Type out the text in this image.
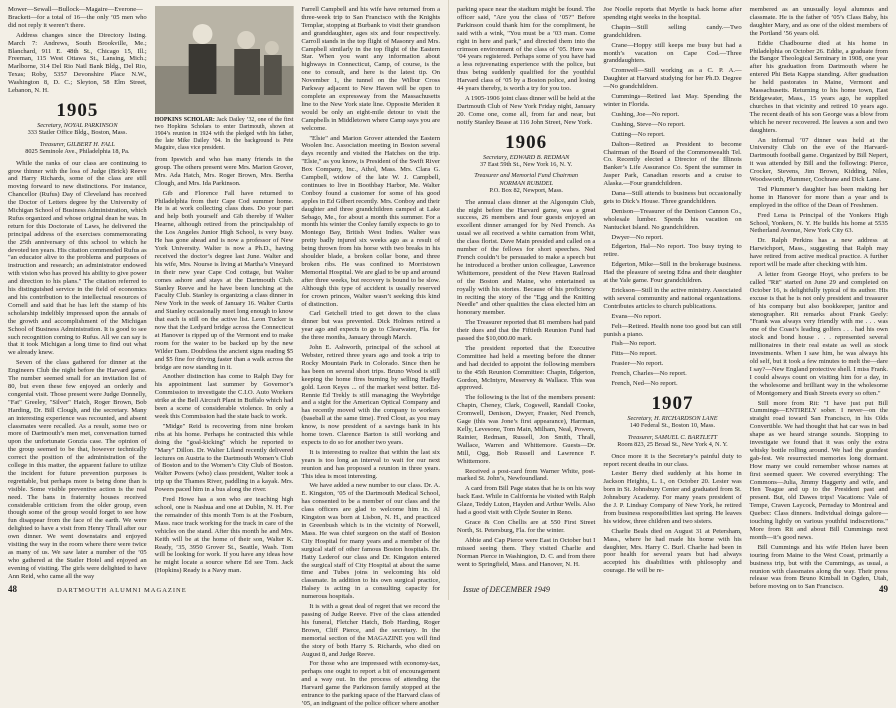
Mower—Sewall—Bullock—Magaire—Everone—Brackett—for a total of 16—the only ’05 men who did not reply it weren’t there.

Address changes since the Directory listing. March 7: Andrews, South Brookville, Me.; Blanchard, 911 E. 48th St., Chicago 15, Ill.; Freeman, 115 West Ottawa St., Lansing, Mich.; Marlborne, 314 Del Rio Natl Bank Bldg., Del Rio, Texas; Roby, 5357 Devonshire Place N.W., Washington 8, D. C.; Sleyton, 58 Elm Street, Lebanon, N. H.

1905
Secretary, NOYAL PARKINSON
333 Statler Office Bldg., Boston, Mass.
Treasurer, GILBERT H. FALL
8025 Seminole Ave., Philadelphia 18, Pa.

While the ranks of our class are continuing to grow thinner with the loss of Judge (Brick) Reeve and Harry Richards, some of the class are still moving forward to new distinctions. For instance, Chancellor (Rufus) Day of Cleveland has received the Doctor of Letters degree by the University of Michigan School of Business Administration, which Rufus organized and whose original dean he was. In return for this Doctorate of Laws, he delivered the principal address of the exercises commemorating the 25th anniversary of this school to which he devoted ten years. His citation commended Rufus as "an educator alive to the problems and purposes of instruction and research; an administrator endowed with vision who has proved his ability to give power and direction to his plans." The citation referred to his distinguished service in the field of economics and his contribution to the intellectual resources of Cornell and said that he has left the stamp of his scholarship indelibly impressed upon the annals of the growth and accomplishment of the Michigan School of Business Administration. It is good to see such recognition coming to Rufus. All we can say is that it took Michigan a long time to find out what we already knew.

Seven of the class gathered for dinner at the Engineers Club the night before the Harvard game. The number seemed small for an invitation list of 80, but even these few enjoyed an orderly and congenial visit. Those present were Judge Donnelly, "Fat" Greeley, "Silver" Hatch, Roger Brown, Bob Harding, Dr. Bill Clough, and the secretary. Many an interesting experience was recounted, and absent classmates were recalled. As a result, some two or more of Dartmouth’s men met, conversation turned upon the unfortunate Gonzia case. The opinion of the group seemed to be that, however technically correct the position of the administration of the college in this matter, the apparent failure to utilize the incident for future prevention purposes is regrettable, but perhaps more is being done than is visible. Some visible preventive action is the real need. The bans in fraternity houses received considerable criticism from the older group, even though some of the group would forget to see how fun disappear from the face of the earth. We were delighted to have a visit from Henry Thrall after our own dinner. We went downstairs and enjoyed visiting the way in the room where there were twice as many of us. We saw later a number of the ’05 who gathered at the Statler Hotel and enjoyed an evening of visiting. The girls were delighted to have Ann Reid, who came all the way

HOPKINS SCHOLAR: Jack Dailey ’32, one of the first two Hopkins Scholars to enter Dartmouth, shown at 1904’s reunion in 1924 with the pledged with his father, the late Mike Dailey ’04. In the background is Pete Maguire, class vice president.

from Ipswich and who has many friends in the group. The others present were Mrs. Marion Grover, Mrs. Ada Hatch, Mrs. Roger Brown, Mrs. Bertha Clough, and Mrs. Ida Parkinson.

Gib and Florence Fall have returned to Philadelphia from their Cape Cod summer home. He is at work collecting class dues. Do your part and help both yourself and Gib thereby if Walter Hearne, although retired from the principalship of the Los Angeles Junior High School, is very busy. He has gone ahead and is now a professor of New York University. Walter is now a Ph.D., having received the doctor’s degree last June. Walter and his wife, Mrs. Nourse is living at Martha’s Vineyard in their new year Cape Cod cottage, but Walter comes ashore and stays at the Dartmouth Club. Stanley Reeve and he have been lunching at the Faculty Club. Stanley is organizing a class dinner in New York in the week of January 16. Walter Curtis and Stanley occasionally meet long enough to know that each is still on the active list. Leon Tucker is now that the Ledyard bridge across the Connecticut at Hanover is ripped up of the Vermont end to make room for the water to be backed up by the new Wilder Dam. Doubtless the ancient signs reading $5 and $5 fine for driving faster than a walk across the bridge are now standing in it.

Another distinction has come to Ralph Day for his appointment last summer by Governor’s Commission to investigate the C.I.O. Auto Workers strike at the Bell Aircraft Plant in Buffalo which had been a scene of considerable violence. In only a week this Commission had the state back to work.

"Midge" Reid is recovering from nine broken ribs at his home. Perhaps he contracted this while doing the "goal-kicking" which he reported to "Mary" Dillon. Dr. Walter Liland recently delivered lectures on Austria to the Dartmouth Women’s Club of Boston and to the Women’s City Club of Boston. Walter Powers (who) class president, Walter took a trip up the Thames River, paddling in a kayak. Mrs. Powers paced him in a bus along the river.

Fred Howe has a son who are teaching high school, one is Nashua and one at Dublin, N. H. For the remainder of this month Tom is at the Fosburn, Mass. race track working for the track in care of the vehicles on the stand. After this month he and Mrs. Keith will be at the home of their son, Walter K. Ready, ’35, 3950 Grover St., Seattle, Wash. Tom will be looking for work. If you have any ideas how he might locate a source where Ed see Tom. Jack (Hopkins) Ready is a Navy man.

Farrell Campbell and his wife have returned from a three-week trip to San Francisco with the Knights Templar, stopping at Burbank to visit their grandson and granddaughter, ages six and four respectively. Carroll stands in the top flight of Masonry and Mrs. Campbell similarly in the top flight of the Eastern Star. When you want any information about highways in Connecticut, Camp, of course, is the one to consult, and here is the latest tip. On November 1, the tunnel on the Wilbur Cross Parkway adjacent to New Haven will be open to complete an expressway from the Massachusetts line to the New York state line. Opposite Meriden it would be only an eight-mile detour to visit the Campbells in Middletown where Camp says you are welcome.

"Elsie" and Marion Grover attended the Eastern Woolen Inc. Association meeting in Boston several days recently and visited the Hatches on the trip. "Elsie," as you know, is President of the Swift River Box Company, Inc., Athol, Mass. Mrs. Clara G. Campbell, widow of the late W. J. Campbell, continues to live in Boothbay Harbor, Me. Walter Conboy found a customer for some of his good apples in Ed Gilbert recently. Mrs. Conboy and their daughter and three grandchildren camped at Lake Sebago, Me., for about a month this summer. For a month his winter the Conley family expects to go to Montego Bay, British West Indies. Walter was pretty badly injured six weeks ago as a result of being thrown from his horse with two breaks in his shoulder blade, a broken collar bone, and three broken ribs. He was confined to Morristown Memorial Hospital. We are glad to be up and around after three weeks, but recovery is bound to be slow. Although this type of accident is usually reserved for crown princes, Walter wasn’t seeking this kind of distinction.

Carl Getchell tried to get down to the class dinner but was prevented. Dick Holmes retired a year ago and expects to go to Clearwater, Fla. for the three months, January through March.

John E. Ashworth, principal of the school at Webster, retired three years ago and took a trip to Rocky Mountain Park in Colorado. Since then he has been on several short trips. Bruno Wood is still keeping the home fires burning by selling Hadley gold. Leon Keyes ... of the market west better. Ed-Rennie Ed Trekly is still managing the Weybridge and a sight for the American Optical Company and has recently moved with the company to workers (baseball at the same time). Fred Clout, as you may know, is now president of a savings bank in his home town. Clarence Barton is still working and expects to do so for another two years.

It is interesting to realize that within the last six years is too long an interval to wait for our next reunion and has proposed a reunion in three years. This idea is most interesting.

We have added a new number to our class. Dr. A. E. Kingston, ’05 of the Dartmouth Medical School, has consented to be a member of our class and the class officers are glad to welcome him in. Al Kingston was born at Lisbon, N. H., and practiced in Greenbush which is in the vicinity of Norwell, Mass. He was chief surgeon on the staff of Boston City Hospital for many years and a member of the surgical staff of other famous Boston hospitals. Dr. Hatty Lederof our class and Dr. Kingston entered the surgical staff of City Hospital at about the same time and Tubes joins in welcoming his old classmate. In addition to his own surgical practice, Halsey is acting in a consulting capacity for numerous hospitals.

It is with a great deal of regret that we record the passing of Judge Reeve. Five of the class attended his funeral, Fletcher Hatch, Bob Harding, Roger Brown, Cliff Pierce, and the secretary. In the memorial section of the MAGAZINE you will find the story of both Harry S. Richards, who died on August 8, and Judge Reeve.

For those who are impressed with economy-tax, perhaps one ought to report a bit of encouragement and a way out. In the process of attending the Harvard game the Parkinson family stopped at the entrance to the parking space of the Harvard class of ’05, an indignant of the police officer where another

48	DARTMOUTH ALUMNI MAGAZINE

parking space near the stadium might be found. The officer said, "Are you the class of ’05?" Before Parkinson could thank him for the compliment, he said with a wink, "You must be a ’03 man. Come right in here and park," and directed them into the crimson environment of the class of ’05. Here was ’04 years registered. Perhaps some of you have had a less rejuvenating experience with the police, but thus being suddenly qualified for the youthful Harvard class of ’05 by a Boston police, and losing 44 years thereby, is worth a try for you too.

A 1905-1906 joint class dinner will be held at the Dartmouth Club of New York Friday night, January 20. Come one, come all, from far and near, but notify Stanley Bease at 116 John Street, New York.

1906
Secretary, EDWARD B. REDMAN
37 East 59th St., New York 16, N. Y.
Treasurer and Memorial Fund Chairman
NORMAN RUBIDEL
P.O. Box 82, Newport, Mass.

The annual class dinner at the Algonquin Club, the night before the Harvard game, was a great success, 26 members and four guests enjoyed an excellent dinner arranged for by Ned French. As usual we all received a white carnation from Whit, the class florist. Dave Main presided and called on a number of the fellows for short speeches. Ned French couldn’t be persuaded to make a speech but he introduced a brother union colleague, Lawrence Whittemore, president of the New Haven Railroad of the Boston and Maine, who entertained us royally with his stories. Because of his proficiency in reciting the story of the "Egg and the Knitting Needle" and other qualities the class elected him an honorary member.

The Treasurer reported that 81 members had paid their dues and that the Fiftieth Reunion Fund had passed the $10,000.00 mark.

The president reported that the Executive Committee had held a meeting before the dinner and had decided to appoint the following members to the 45th Reunion Committee: Chapin, Edgerton, Gordon, McIntyre, Meservey & Wallace. This was approved.

The following is the list of the members present: Chapin, Cheney, Clark, Cogswell, Randall Cooke, Cromwell, Denison, Dwyer, Frasier, Ned French, Gage (this was Jone’s first appearance), Harrman, Kelly, Levesone, Tom Main, Milham, Neal, Powers, Rainier, Redman, Russell, Jon Smith, Thrall, Wallace, Warren and Whittemore. Guests—Dr. Mill, Ogg, Bob Russell and Lawrence F. Whittemore.

Received a post-card from Warner White, post-marked St. John’s, Newfoundland.

A card from Bill Page states that he is on his way back East. While in California he visited with Ralph Glaze, Teddy Luton, Hayden and Arthur Wells. Also had a good visit with Clyde Souter in Reno.

Grace & Con Chellis are at 550 First Street North, St. Petersburg, Fla. for the winter.

Abbie and Cap Pierce were East in October but I missed seeing them. They visited Charlie and Norman Pierce in Washington, D. C. and from there went to Springfield, Mass. and Hanover, N. H.

Joe Noelle reports that Myrtle is back home after spending eight weeks in the hospital.

Chapin—Still selling candy.—Two grandchildren.

Crane—Hoppy still keeps me busy but had a month’s vacation on Cape Cod.—Three granddaughters.

Cromwell—Still working as a C. P. A.—Daughter at Harvard studying for her Ph.D. Degree—No grandchildren.

Cummings—Retired last May. Spending the winter in Florida.

Cushing, Joe—No report.

Cushing, Steve—No report.

Cutting—No report.

Dalton—Retired as President to become Chairman of the Board of the Commonwealth Tel. Co. Recently elected a Director of the Illinois Banker’s Life Assurance Co. Spent the summer in Jasper Park, Canadian resorts and a cruise to Alaska.—Four grandchildren.

Dana—Still attends to business but occasionally gets to Dick’s House. Three grandchildren.

Denison—Treasurer of the Denison Cannon Co., wholesale lumber. Spends his vacation on Nantucket Island. No grandchildren.

Dwyer—No report.

Edgerton, Hal—No report. Too busy trying to retire.

Edgerton, Mike—Still in the brokerage business. Had the pleasure of seeing Edna and their daughter at the Yale game. Four grandchildren.

Erickson—Still in the active ministry. Associated with several community and national organizations. Contributes articles to church publications.

Evans—No report.

Felt—Retired. Health none too good but can still punish a piano.

Fish—No report.

Fitts—No report.

Frasier—No report.

French, Charles—No report.

French, Ned—No report.

1907
Secretary, H. RICHARDSON LANE
140 Federal St., Boston 10, Mass.
Treasurer, SAMUEL C. BARTLETT
Room 823, 25 Broad St., New York 4, N. Y.

Once more it is the Secretary’s painful duty to report recent deaths in our class.

Lester Berry died suddenly at his home in Jackson Heights, L. I., on October 20. Lester was born in St. Johnsbury Center and graduated from St. Johnsbury Academy. For many years president of the J. P. Lindsay Company of New York, he retired from business responsibilities last spring. He leaves his widow, three children and two sisters.

Charlie Beals died on August 31 at Petersham, Mass., where he had made his home with his daughter, Mrs. Harry C. Burl. Charlie had been in poor health for several years but had always accepted his disabilities with philosophy and courage. He will be re-

membered as an unusually loyal alumnus and classmate. He is the father of ’05’s Class Baby, his daughter Mary, and as one of the oldest members of the Portland ’56 years old.

Eddie Chadbourne died at his home in Philadelphia on October 26. Eddie, a graduate from the Bangor Theological Seminary in 1908, one year after his graduation from Dartmouth where he entered Phi Beta Kappa standing. After graduation he held pastorates in Maine, Vermont and Massachusetts. Returning to his home town, East Bridgewater, Mass., 15 years ago, he supplied churches in that vicinity and retired 10 years ago. The recent death of his son George was a blow from which he never recovered. He leaves a son and two daughters.

An informal ’07 dinner was held at the University Club on the eve of the Harvard-Dartmouth football game. Organized by Bill Nepert, it was attended by Bill and the following: Pierce, Crocker, Stevens, Jim Brown, Kidding, Niles, Woodsworth, Plummer, Cochrane and Dick Lane.

Ted Plummer’s daughter has been making her home in Hanover for more than a year and is employed in the office of the Dean of Freshmen.

Fred Lena is Principal of the Yonkers High School, Yonkers, N. Y. He builds his home at 5535 Netherland Avenue, New York City 63.

Dr. Ralph Perkins has a new address at Harwichport, Mass., suggesting that Ralph may have retired from active medical practice. A further report will be made after checking with him.

A letter from George Hoyt, who prefers to be called "Rit" started on June 29 and completed on October 16, is delightfully typical of its author. His excuse is that he is not only president and treasurer of his company but also bookkeeper, janitor and stenographer. Rit remarks about Frank Geely: "Frank was always very friendly with me . . . was one of the Coast’s leading golfers . . . had his own stock and bond house . . . represented several millionaires in their real estate as well as stock investments. When I saw him, he was always his old self, but it took a few minutes to melt the—dare I say?—New England protective shell. I miss Frank. I could always count on visiting him for a day, in the wholesome and brilliant way in the wholesome of Montgomery and Bush Streets every so often."

Still more from Rit: "I have just put Bill Cummings—ENTIRELY sober. I never—on the straight road toward San Francisco, in his Olds Convertible. We had thought that hat car was in bad shape as we heard strange sounds. Stopping to investigate we found that it was only the extra whisky bottle rolling around. We had the grandest gab-fest. We resurrected memories long dormant. How many we could remember whose names at first seemed queer. We covered everything: The Commons—Julia, Jimmy Haggerty and wife, and Hen Teague and up to the President past and present. But, old Dawes trips! Vacations: Vale of Tempe, Craven Laycock, Pernsday to Montreal and Quebec: Class dinners. Individual doings galore—touching lightly on various youthful indiscretions." More from Rit and about Bill Cummings next month—it’s good news.

Bill Cummings and his wife Helen have been touring from Maine to the West Coast, primarily a business trip, but with the Cummings, as usual, a reunion with classmates along the way. Their press release was from Bruno Kimball in Ogden, Utah, before moving on to San Francisco.

Issue of DECEMBER 1949	49
